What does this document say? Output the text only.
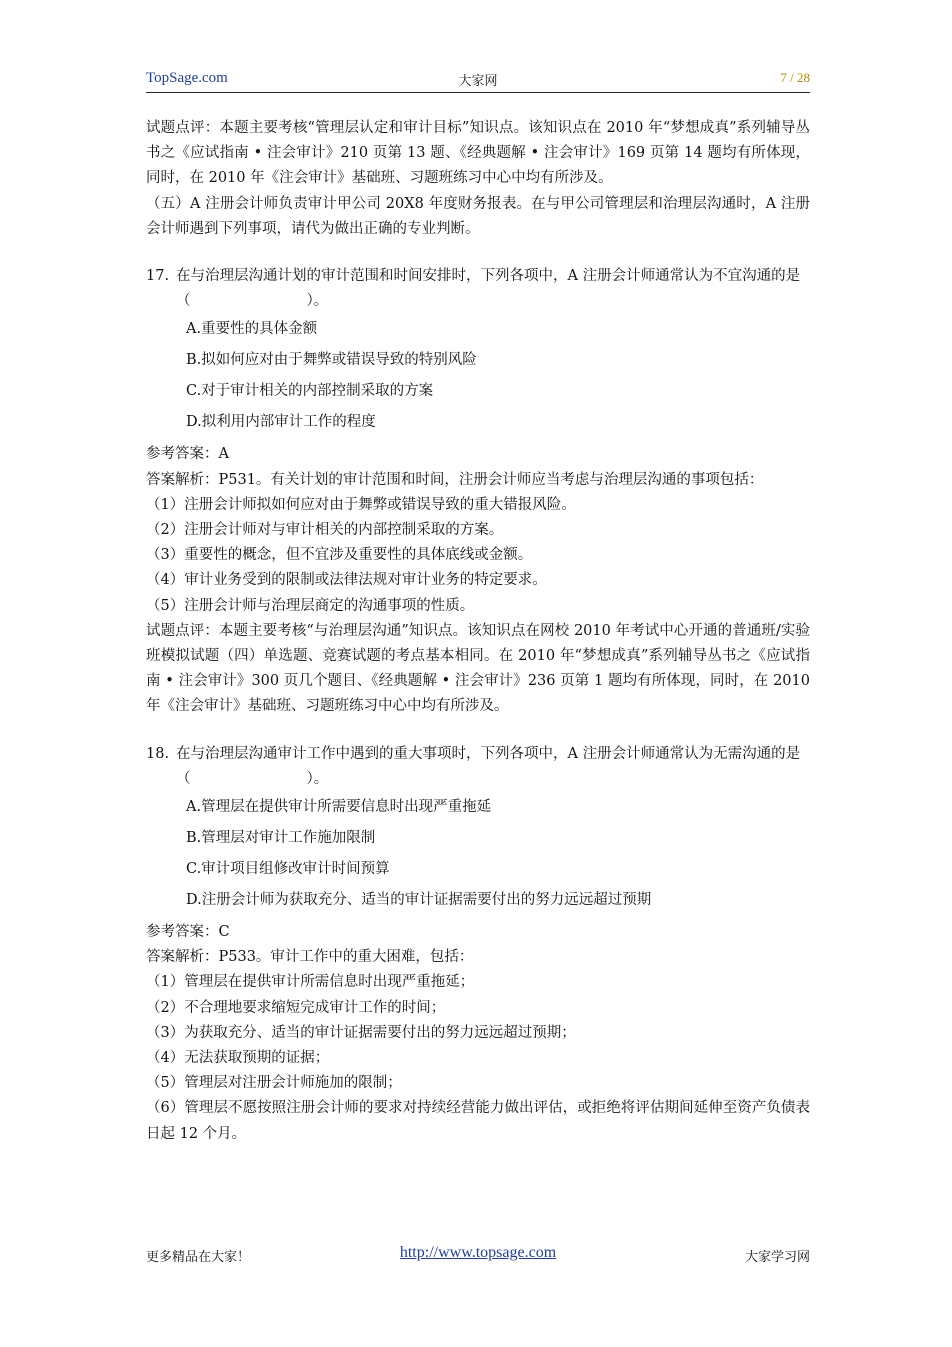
TopSage.com	大家网	7 / 28

试题点评：本题主要考核“管理层认定和审计目标”知识点。该知识点在 2010 年“梦想成真”系列辅导丛书之《应试指南 • 注会审计》210 页第 13 题、《经典题解 • 注会审计》169 页第 14 题均有所体现，同时，在 2010 年《注会审计》基础班、习题班练习中心中均有所涉及。

（五）A 注册会计师负责审计甲公司 20X8 年度财务报表。在与甲公司管理层和治理层沟通时，A 注册会计师遇到下列事项，请代为做出正确的专业判断。

17. 在与治理层沟通计划的审计范围和时间安排时，下列各项中，A 注册会计师通常认为不宜沟通的是（　　　　　　　　）。

A.重要性的具体金额

B.拟如何应对由于舞弊或错误导致的特别风险

C.对于审计相关的内部控制采取的方案

D.拟利用内部审计工作的程度

参考答案：A

答案解析：P531。有关计划的审计范围和时间，注册会计师应当考虑与治理层沟通的事项包括：

（1）注册会计师拟如何应对由于舞弊或错误导致的重大错报风险。

（2）注册会计师对与审计相关的内部控制采取的方案。

（3）重要性的概念，但不宜涉及重要性的具体底线或金额。

（4）审计业务受到的限制或法律法规对审计业务的特定要求。

（5）注册会计师与治理层商定的沟通事项的性质。

试题点评：本题主要考核“与治理层沟通”知识点。该知识点在网校 2010 年考试中心开通的普通班/实验班模拟试题（四）单选题、竞赛试题的考点基本相同。在 2010 年“梦想成真”系列辅导丛书之《应试指南 • 注会审计》300 页几个题目、《经典题解 • 注会审计》236 页第 1 题均有所体现，同时，在 2010 年《注会审计》基础班、习题班练习中心中均有所涉及。

18. 在与治理层沟通审计工作中遇到的重大事项时，下列各项中，A 注册会计师通常认为无需沟通的是（　　　　　　　　）。

A.管理层在提供审计所需要信息时出现严重拖延

B.管理层对审计工作施加限制

C.审计项目组修改审计时间预算

D.注册会计师为获取充分、适当的审计证据需要付出的努力远远超过预期

参考答案：C

答案解析：P533。审计工作中的重大困难，包括：

（1）管理层在提供审计所需信息时出现严重拖延；

（2）不合理地要求缩短完成审计工作的时间；

（3）为获取充分、适当的审计证据需要付出的努力远远超过预期；

（4）无法获取预期的证据；

（5）管理层对注册会计师施加的限制；

（6）管理层不愿按照注册会计师的要求对持续经营能力做出评估，或拒绝将评估期间延伸至资产负债表日起 12 个月。

更多精品在大家！	http://www.topsage.com	大家学习网
